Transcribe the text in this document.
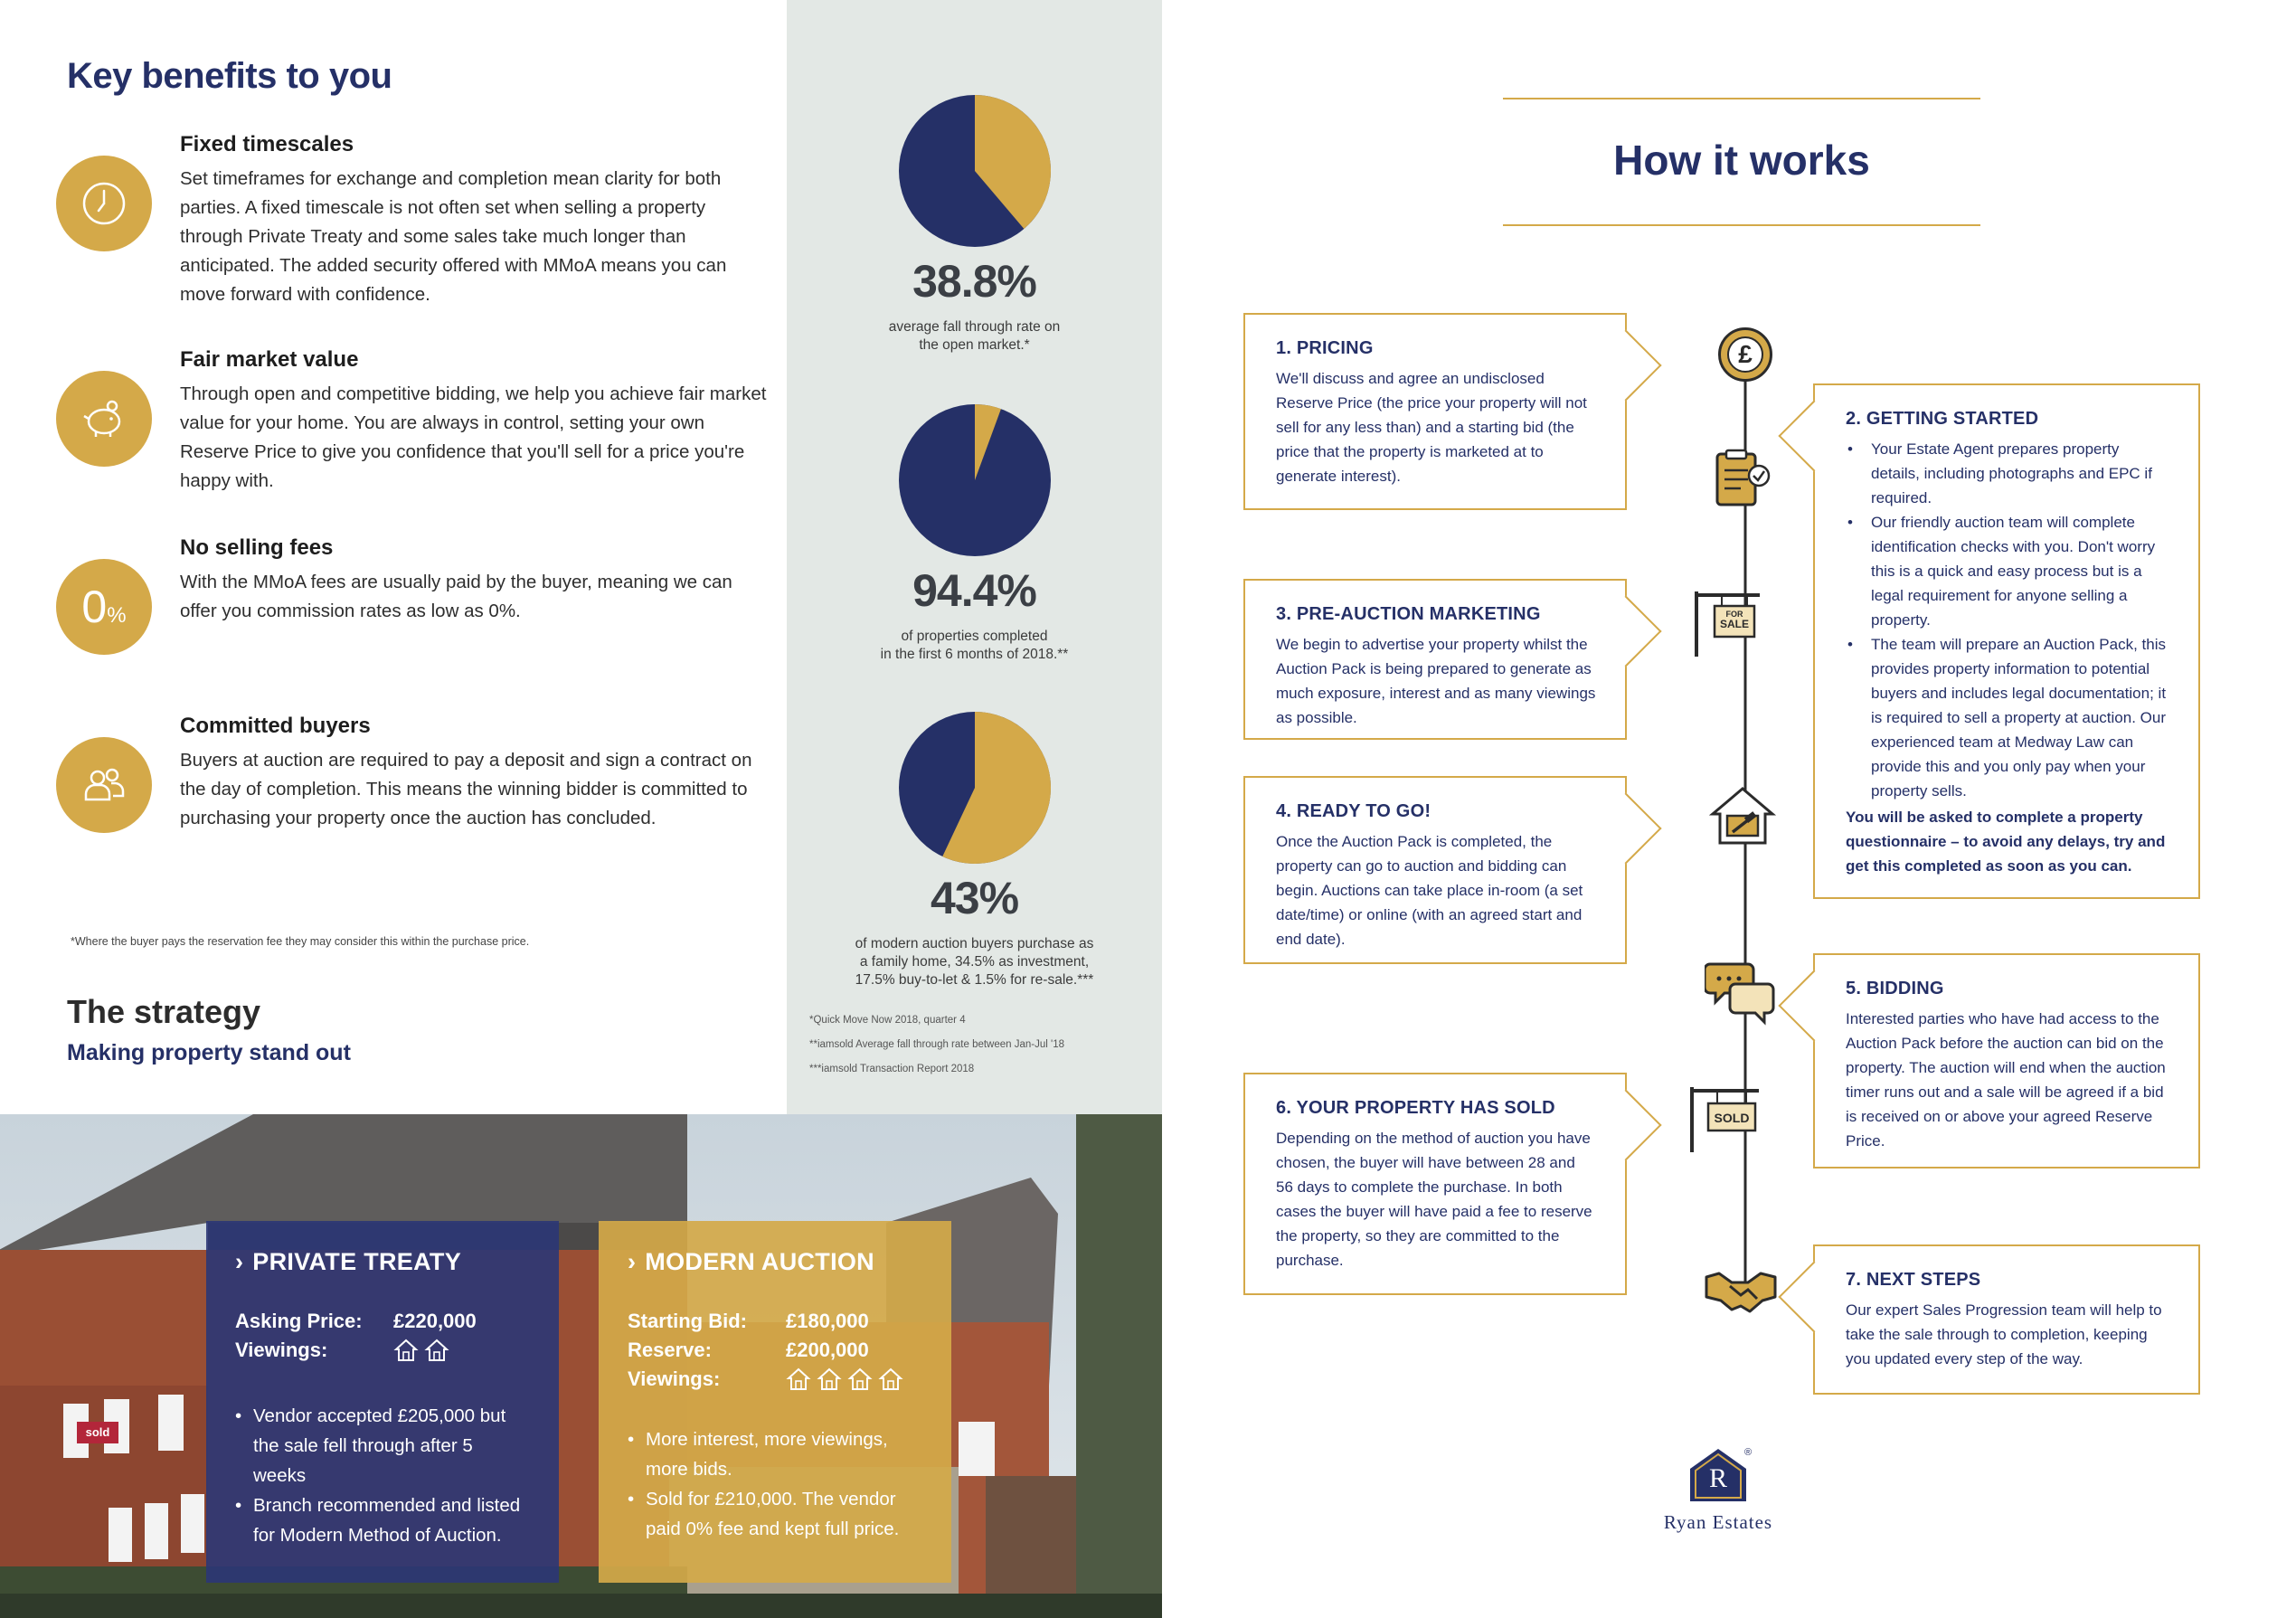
Key benefits to you
Fixed timescales

Set timeframes for exchange and completion mean clarity for both parties. A fixed timescale is not often set when selling a property through Private Treaty and some sales take much longer than anticipated. The added security offered with MMoA means you can move forward with confidence.

Fair market value

Through open and competitive bidding, we help you achieve fair market value for your home. You are always in control, setting your own Reserve Price to give you confidence that you'll sell for a price you're happy with.

0%
No selling fees

With the MMoA fees are usually paid by the buyer, meaning we can offer you commission rates as low as 0%.

Committed buyers

Buyers at auction are required to pay a deposit and sign a contract on the day of completion. This means the winning bidder is committed to purchasing your property once the auction has concluded.

*Where the buyer pays the reservation fee they may consider this within the purchase price.
The strategy
Making property stand out
38.8%
average fall through rate on
the open market.*
94.4%
of properties completed
in the first 6 months of 2018.**
43%
of modern auction buyers purchase as
a family home, 34.5% as investment,
17.5% buy-to-let & 1.5% for re-sale.***
*Quick Move Now 2018, quarter 4
**iamsold Average fall through rate between Jan-Jul '18
***iamsold Transaction Report 2018
sold
› PRIVATE TREATY
Asking Price:	£220,000
Viewings:
• Vendor accepted £205,000 but the sale fell through after 5 weeks
• Branch recommended and listed for Modern Method of Auction.
› MODERN AUCTION
Starting Bid:	£180,000
Reserve:	£200,000
Viewings:
• More interest, more viewings, more bids.
• Sold for £210,000. The vendor paid 0% fee and kept full price.
How it works
£
FOR
SALE
SOLD
1. PRICING

We'll discuss and agree an undisclosed Reserve Price (the price your property will not sell for any less than) and a starting bid (the price that the property is marketed at to generate interest).

2. GETTING STARTED
• Your Estate Agent prepares property details, including photographs and EPC if required.
• Our friendly auction team will complete identification checks with you. Don't worry this is a quick and easy process but is a legal requirement for anyone selling a property.
• The team will prepare an Auction Pack, this provides property information to potential buyers and includes legal documentation; it is required to sell a property at auction. Our experienced team at Medway Law can provide this and you only pay when your property sells.
You will be asked to complete a property questionnaire – to avoid any delays, try and get this completed as soon as you can.
3. PRE-AUCTION MARKETING

We begin to advertise your property whilst the Auction Pack is being prepared to generate as much exposure, interest and as many viewings as possible.

4. READY TO GO!

Once the Auction Pack is completed, the property can go to auction and bidding can begin. Auctions can take place in-room (a set date/time) or online (with an agreed start and end date).

5. BIDDING

Interested parties who have had access to the Auction Pack before the auction can bid on the property. The auction will end when the auction timer runs out and a sale will be agreed if a bid is received on or above your agreed Reserve Price.

6. YOUR PROPERTY HAS SOLD

Depending on the method of auction you have chosen, the buyer will have between 28 and 56 days to complete the purchase. In both cases the buyer will have paid a fee to reserve the property, so they are committed to the purchase.

7. NEXT STEPS

Our expert Sales Progression team will help to take the sale through to completion, keeping you updated every step of the way.

R
®
Ryan Estates
